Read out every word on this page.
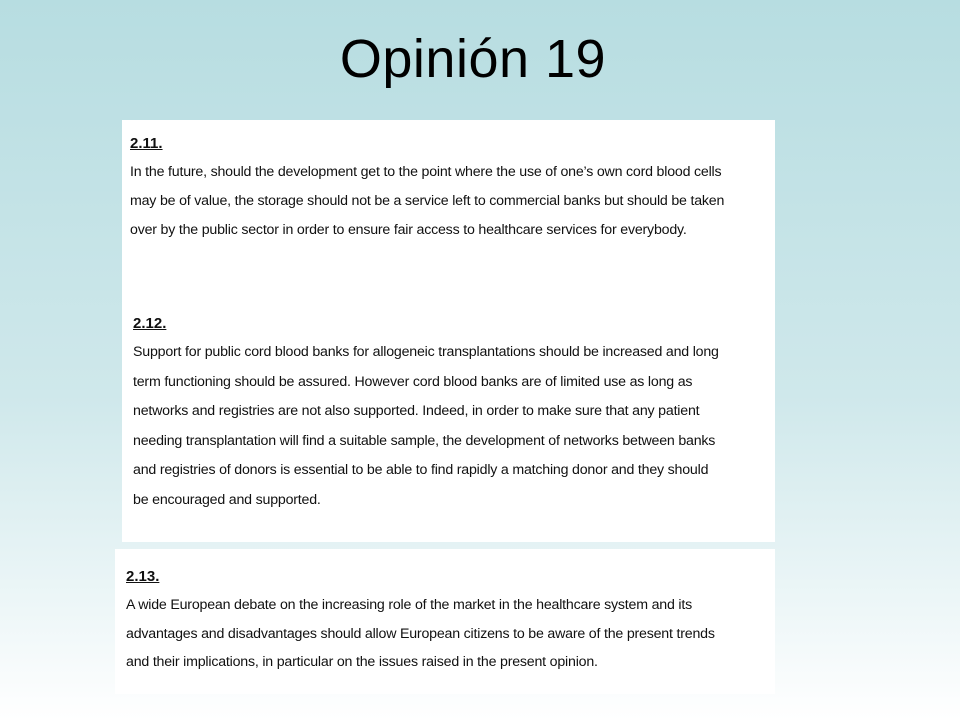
Opinión 19
2.11.

In the future, should the development get to the point where the use of one’s own cord blood cells
may be of value, the storage should not be a service left to commercial banks but should be taken
over by the public sector in order to ensure fair access to healthcare services for everybody.

2.12.

Support for public cord blood banks for allogeneic transplantations should be increased and long
term functioning should be assured. However cord blood banks are of limited use as long as
networks and registries are not also supported. Indeed, in order to make sure that any patient
needing transplantation will find a suitable sample, the development of networks between banks
and registries of donors is essential to be able to find rapidly a matching donor and they should
be encouraged and supported.

2.13.

A wide European debate on the increasing role of the market in the healthcare system and its
advantages and disadvantages should allow European citizens to be aware of the present trends
and their implications, in particular on the issues raised in the present opinion.
